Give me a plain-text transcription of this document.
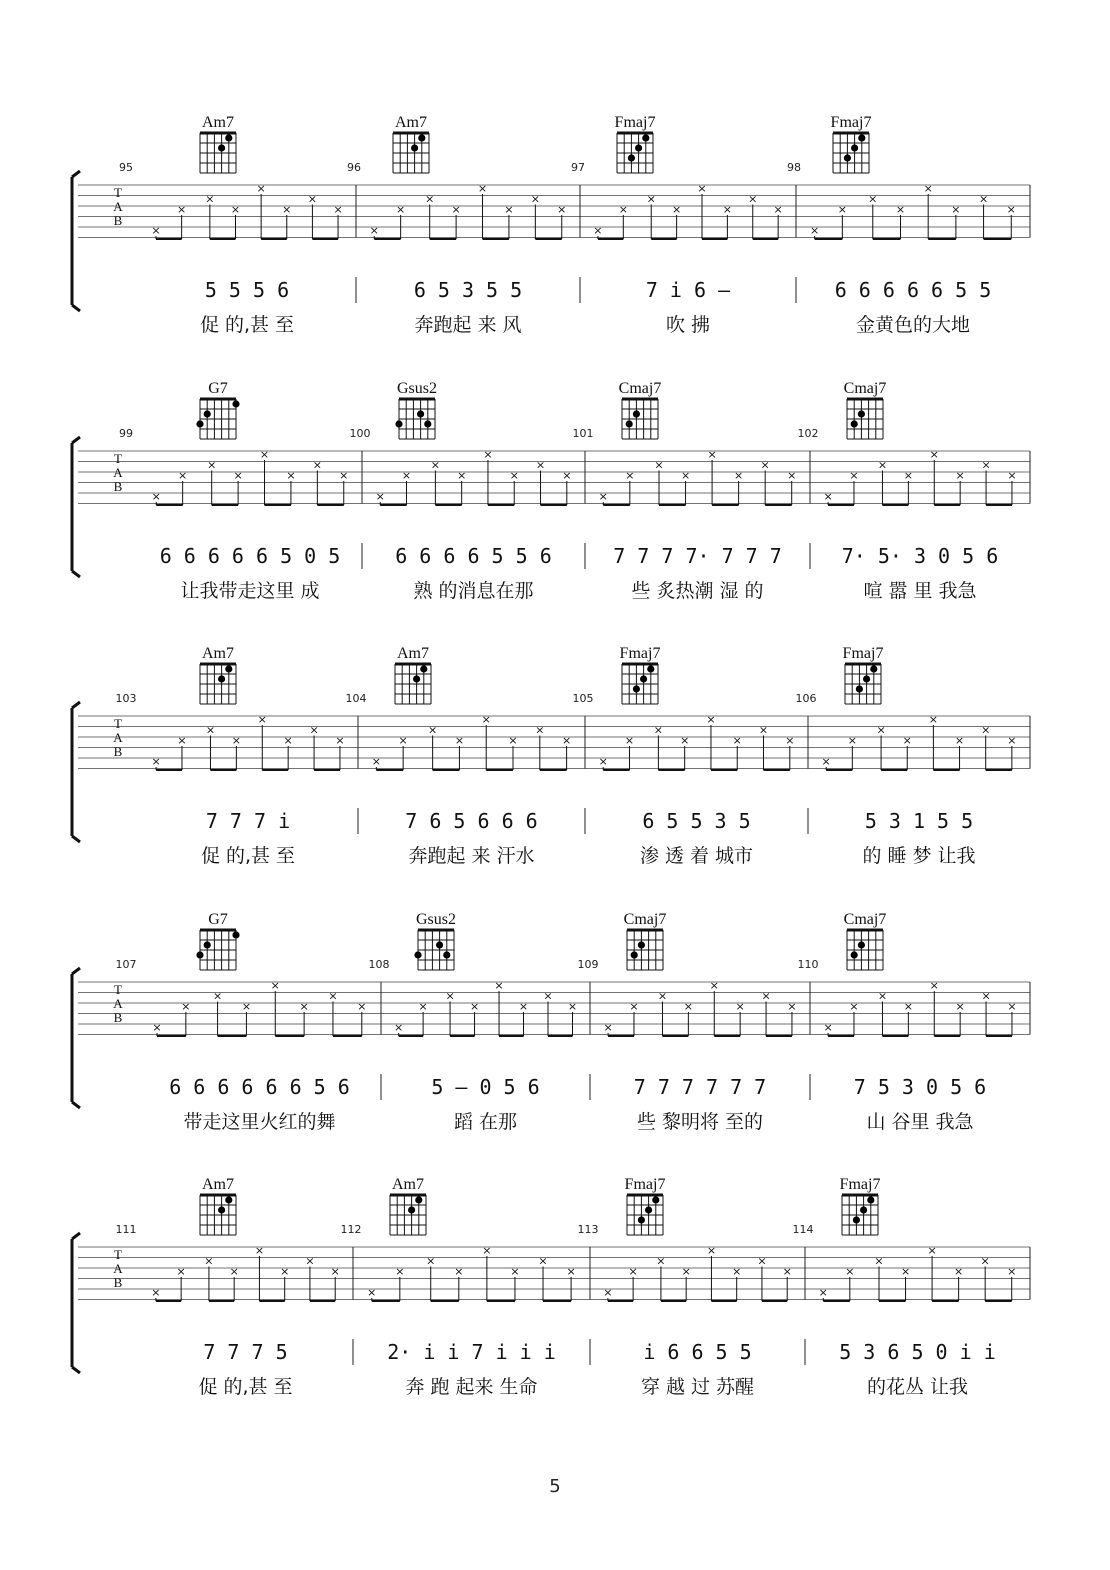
T
A
B
95
Am7
×
×
×
×
×
×
×
×
5 5 5 6
促 的,甚 至
96
Am7
×
×
×
×
×
×
×
×
6 5 3 5 5
奔跑起 来 风
97
Fmaj7
×
×
×
×
×
×
×
×
7 i 6 –
吹 拂
98
Fmaj7
×
×
×
×
×
×
×
×
6 6 6 6 6 5 5
金黄色的大地
T
A
B
99
G7
×
×
×
×
×
×
×
×
6 6 6 6 6 5 0 5
让我带走这里 成
100
Gsus2
×
×
×
×
×
×
×
×
6 6 6 6 5 5 6
熟 的消息在那
101
Cmaj7
×
×
×
×
×
×
×
×
7 7 7 7· 7 7 7
些 炙热潮 湿 的
102
Cmaj7
×
×
×
×
×
×
×
×
7· 5· 3 0 5 6
喧 嚣 里 我急
T
A
B
103
Am7
×
×
×
×
×
×
×
×
7 7 7 i
促 的,甚 至
104
Am7
×
×
×
×
×
×
×
×
7 6 5 6 6 6
奔跑起 来 汗水
105
Fmaj7
×
×
×
×
×
×
×
×
6 5 5 3 5
渗 透 着 城市
106
Fmaj7
×
×
×
×
×
×
×
×
5 3 1 5 5
的 睡 梦 让我
T
A
B
107
G7
×
×
×
×
×
×
×
×
6 6 6 6 6 6 5 6
带走这里火红的舞
108
Gsus2
×
×
×
×
×
×
×
×
5 – 0 5 6
蹈 在那
109
Cmaj7
×
×
×
×
×
×
×
×
7 7 7 7 7 7
些 黎明将 至的
110
Cmaj7
×
×
×
×
×
×
×
×
7 5 3 0 5 6
山 谷里 我急
T
A
B
111
Am7
×
×
×
×
×
×
×
×
7 7 7 5
促 的,甚 至
112
Am7
×
×
×
×
×
×
×
×
2· i i 7 i i i
奔 跑 起来 生命
113
Fmaj7
×
×
×
×
×
×
×
×
i 6 6 5 5
穿 越 过 苏醒
114
Fmaj7
×
×
×
×
×
×
×
×
5 3 6 5 0 i i
的花丛 让我
5
